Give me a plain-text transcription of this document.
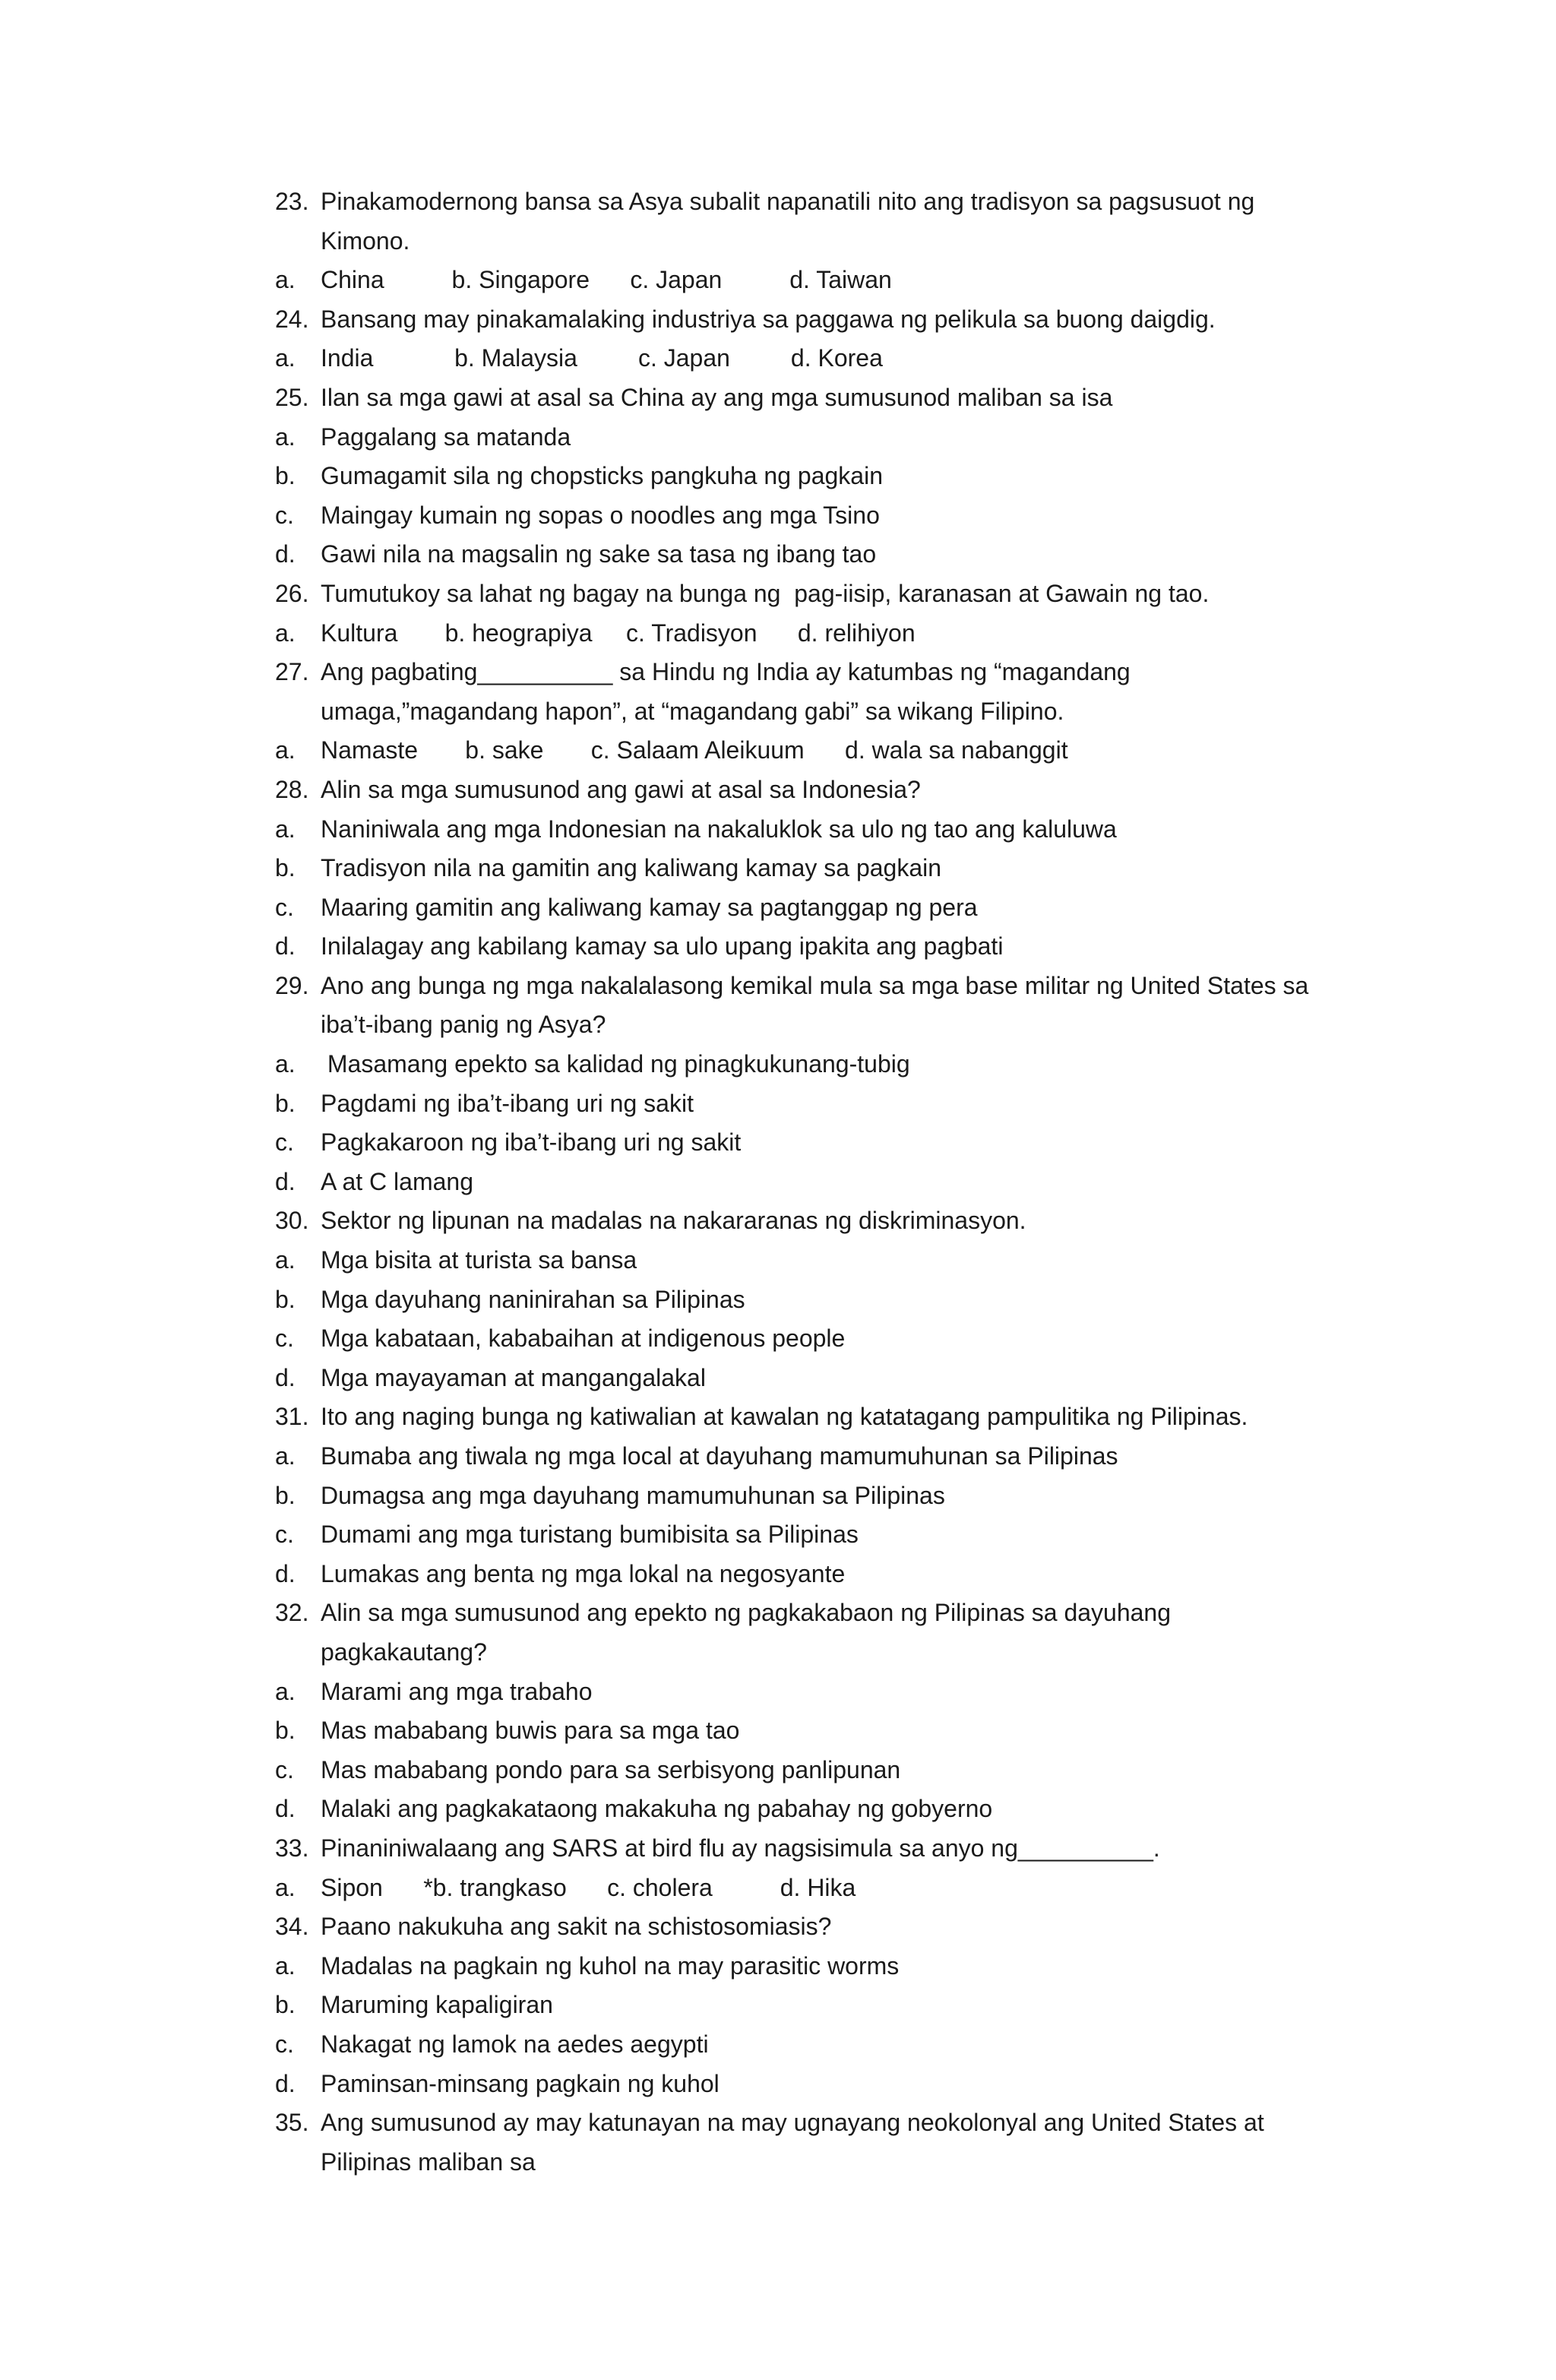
23. Pinakamodernong bansa sa Asya subalit napanatili nito ang tradisyon sa pagsusuot ng
Kimono.
a.	China          b. Singapore      c. Japan          d. Taiwan
24. Bansang may pinakamalaking industriya sa paggawa ng pelikula sa buong daigdig.
a.	India            b. Malaysia         c. Japan         d. Korea
25. Ilan sa mga gawi at asal sa China ay ang mga sumusunod maliban sa isa
a.	Paggalang sa matanda
b.	Gumagamit sila ng chopsticks pangkuha ng pagkain
c.	Maingay kumain ng sopas o noodles ang mga Tsino
d.	Gawi nila na magsalin ng sake sa tasa ng ibang tao
26. Tumutukoy sa lahat ng bagay na bunga ng  pag-iisip, karanasan at Gawain ng tao.
a.	Kultura       b. heograpiya     c. Tradisyon      d. relihiyon
27. Ang pagbating__________ sa Hindu ng India ay katumbas ng “magandang
umaga,”magandang hapon”, at “magandang gabi” sa wikang Filipino.
a.	Namaste       b. sake       c. Salaam Aleikuum      d. wala sa nabanggit
28. Alin sa mga sumusunod ang gawi at asal sa Indonesia?
a.	Naniniwala ang mga Indonesian na nakaluklok sa ulo ng tao ang kaluluwa
b.	Tradisyon nila na gamitin ang kaliwang kamay sa pagkain
c.	Maaring gamitin ang kaliwang kamay sa pagtanggap ng pera
d.	Inilalagay ang kabilang kamay sa ulo upang ipakita ang pagbati
29. Ano ang bunga ng mga nakalalasong kemikal mula sa mga base militar ng United States sa
iba’t-ibang panig ng Asya?
a.	Masamang epekto sa kalidad ng pinagkukunang-tubig
b.	Pagdami ng iba’t-ibang uri ng sakit
c.	Pagkakaroon ng iba’t-ibang uri ng sakit
d.	A at C lamang
30. Sektor ng lipunan na madalas na nakararanas ng diskriminasyon.
a.	Mga bisita at turista sa bansa
b.	Mga dayuhang naninirahan sa Pilipinas
c.	Mga kabataan, kababaihan at indigenous people
d.	Mga mayayaman at mangangalakal
31. Ito ang naging bunga ng katiwalian at kawalan ng katatagang pampulitika ng Pilipinas.
a.	Bumaba ang tiwala ng mga local at dayuhang mamumuhunan sa Pilipinas
b.	Dumagsa ang mga dayuhang mamumuhunan sa Pilipinas
c.	Dumami ang mga turistang bumibisita sa Pilipinas
d.	Lumakas ang benta ng mga lokal na negosyante
32. Alin sa mga sumusunod ang epekto ng pagkakabaon ng Pilipinas sa dayuhang
pagkakautang?
a.	Marami ang mga trabaho
b.	Mas mababang buwis para sa mga tao
c.	Mas mababang pondo para sa serbisyong panlipunan
d.	Malaki ang pagkakataong makakuha ng pabahay ng gobyerno
33. Pinaniniwalaang ang SARS at bird flu ay nagsisimula sa anyo ng__________.
a.	Sipon      *b. trangkaso      c. cholera          d. Hika
34. Paano nakukuha ang sakit na schistosomiasis?
a.	Madalas na pagkain ng kuhol na may parasitic worms
b.	Maruming kapaligiran
c.	Nakagat ng lamok na aedes aegypti
d.	Paminsan-minsang pagkain ng kuhol
35. Ang sumusunod ay may katunayan na may ugnayang neokolonyal ang United States at
Pilipinas maliban sa
